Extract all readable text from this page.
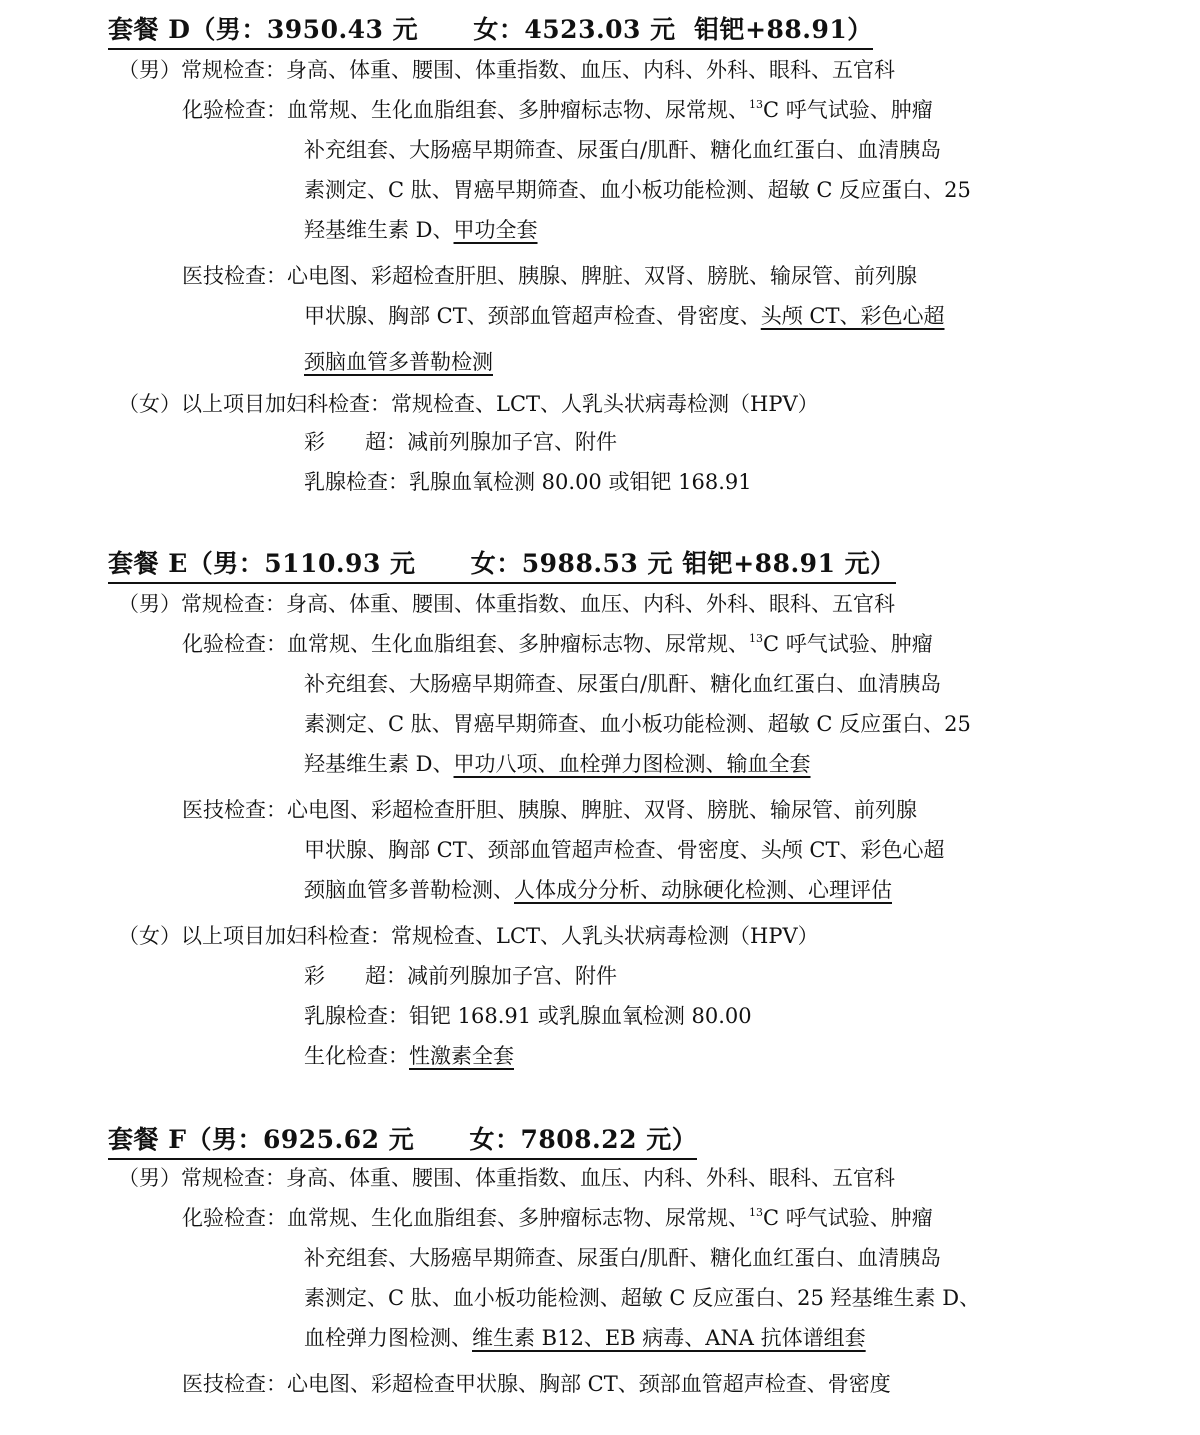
套餐 D（男：3950.43 元      女：4523.03 元  钼钯+88.91）
（男）常规检查：身高、体重、腰围、体重指数、血压、内科、外科、眼科、五官科
化验检查：血常规、生化血脂组套、多肿瘤标志物、尿常规、$^{13}$C 呼气试验、肿瘤
补充组套、大肠癌早期筛查、尿蛋白/肌酐、糖化血红蛋白、血清胰岛
素测定、C 肽、胃癌早期筛查、血小板功能检测、超敏 C 反应蛋白、25
羟基维生素 D、甲功全套
医技检查：心电图、彩超检查肝胆、胰腺、脾脏、双肾、膀胱、输尿管、前列腺
甲状腺、胸部 CT、颈部血管超声检查、骨密度、头颅 CT、彩色心超
颈脑血管多普勒检测
（女）以上项目加妇科检查：常规检查、LCT、人乳头状病毒检测（HPV）
彩      超：减前列腺加子宫、附件
乳腺检查：乳腺血氧检测 80.00 或钼钯 168.91
套餐 E（男：5110.93 元      女：5988.53 元 钼钯+88.91 元）
（男）常规检查：身高、体重、腰围、体重指数、血压、内科、外科、眼科、五官科
化验检查：血常规、生化血脂组套、多肿瘤标志物、尿常规、$^{13}$C 呼气试验、肿瘤
补充组套、大肠癌早期筛查、尿蛋白/肌酐、糖化血红蛋白、血清胰岛
素测定、C 肽、胃癌早期筛查、血小板功能检测、超敏 C 反应蛋白、25
羟基维生素 D、甲功八项、血栓弹力图检测、输血全套
医技检查：心电图、彩超检查肝胆、胰腺、脾脏、双肾、膀胱、输尿管、前列腺
甲状腺、胸部 CT、颈部血管超声检查、骨密度、头颅 CT、彩色心超
颈脑血管多普勒检测、人体成分分析、动脉硬化检测、心理评估
（女）以上项目加妇科检查：常规检查、LCT、人乳头状病毒检测（HPV）
彩      超：减前列腺加子宫、附件
乳腺检查：钼钯 168.91 或乳腺血氧检测 80.00
生化检查：性激素全套
套餐 F（男：6925.62 元      女：7808.22 元）
（男）常规检查：身高、体重、腰围、体重指数、血压、内科、外科、眼科、五官科
化验检查：血常规、生化血脂组套、多肿瘤标志物、尿常规、$^{13}$C 呼气试验、肿瘤
补充组套、大肠癌早期筛查、尿蛋白/肌酐、糖化血红蛋白、血清胰岛
素测定、C 肽、血小板功能检测、超敏 C 反应蛋白、25 羟基维生素 D、
血栓弹力图检测、维生素 B12、EB 病毒、ANA 抗体谱组套
医技检查：心电图、彩超检查甲状腺、胸部 CT、颈部血管超声检查、骨密度
